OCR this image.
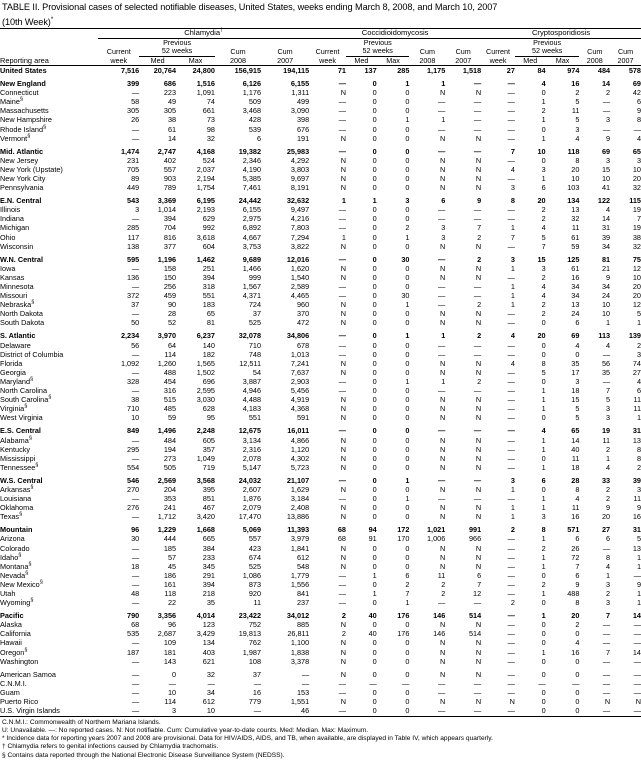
TABLE II. Provisional cases of selected notifiable diseases, United States, weeks ending March 8, 2008, and March 10, 2007
(10th Week)*
	Chlamydia†					Coccidioidomycosis					Cryptosporidiosis				
		Previous					Previous					Previous			
	Current	52 weeks		Cum	Cum	Current	52 weeks		Cum	Cum	Current	52 weeks		Cum	Cum
Reporting area	week	Med	Max	2008	2007	week	Med	Max	2008	2007	week	Med	Max	2008	2007
United States	7,516	20,764	24,800	156,915	194,115	71	137	285	1,175	1,518	27	84	974	484	578

New England	399	686	1,516	6,126	6,155	—	0	1	1	—	—	4	16	14	69
Connecticut	—	223	1,091	1,176	1,311	N	0	0	N	N	—	0	2	2	42
Maine§	58	49	74	509	499	—	0	0	—	—	—	1	5	—	6
Massachusetts	305	305	661	3,468	3,090	—	0	0	—	—	—	2	11	—	9
New Hampshire	26	38	73	428	398	—	0	1	1	—	—	1	5	3	8
Rhode Island§	—	61	98	539	676	—	0	0	—	—	—	0	3	—	—
Vermont§	—	14	32	6	191	N	0	0	N	N	—	1	4	9	4

Mid. Atlantic	1,474	2,747	4,168	19,382	25,983	—	0	0	—	—	7	10	118	69	65
New Jersey	231	402	524	2,346	4,292	N	0	0	N	N	—	0	8	3	3
New York (Upstate)	705	557	2,037	4,190	3,803	N	0	0	N	N	4	3	20	15	10
New York City	89	903	2,194	5,385	9,697	N	0	0	N	N	—	1	10	10	20
Pennsylvania	449	789	1,754	7,461	8,191	N	0	0	N	N	3	6	103	41	32

E.N. Central	543	3,369	6,195	24,442	32,632	1	1	3	6	9	8	20	134	122	115
Illinois	3	1,014	2,193	6,155	9,497	—	0	0	—	—	—	2	13	4	19
Indiana	—	394	629	2,975	4,216	—	0	0	—	—	—	2	32	14	7
Michigan	285	704	992	6,892	7,803	—	0	2	3	7	1	4	11	31	19
Ohio	117	816	3,618	4,667	7,294	1	0	1	3	2	7	5	61	39	38
Wisconsin	138	377	604	3,753	3,822	N	0	0	N	N	—	7	59	34	32

W.N. Central	595	1,196	1,462	9,689	12,016	—	0	30	—	2	3	15	125	81	75
Iowa	—	158	251	1,466	1,620	N	0	0	N	N	1	3	61	21	12
Kansas	136	150	394	999	1,540	N	0	0	N	N	—	2	16	9	10
Minnesota	—	256	318	1,567	2,589	—	0	0	—	—	1	4	34	34	20
Missouri	372	459	551	4,371	4,465	—	0	30	—	—	1	4	34	24	20
Nebraska§	37	90	183	724	960	N	0	1	—	2	1	2	13	10	12
North Dakota	—	28	65	37	370	N	0	0	N	N	—	2	24	10	5
South Dakota	50	52	81	525	472	N	0	0	N	N	—	0	6	1	1

S. Atlantic	2,234	3,970	6,237	32,078	34,806	—	0	1	1	2	4	20	69	113	139
Delaware	56	64	140	710	678	—	0	0	—	—	—	0	4	4	2
District of Columbia	—	114	182	748	1,013	—	0	0	—	—	—	0	0	—	3
Florida	1,092	1,260	1,565	12,511	7,241	N	0	0	N	N	4	8	35	56	74
Georgia	—	488	1,502	54	7,637	N	0	0	N	N	—	5	17	35	27
Maryland§	328	454	696	3,887	2,903	—	0	1	1	2	—	0	3	—	4
North Carolina	—	316	2,595	4,946	5,456	—	0	0	—	—	—	1	18	7	6
South Carolina§	38	515	3,030	4,488	4,919	N	0	0	N	N	—	1	15	5	11
Virginia§	710	485	628	4,183	4,368	N	0	0	N	N	—	1	5	3	11
West Virginia	10	59	95	551	591	N	0	0	N	N	—	0	5	3	1

E.S. Central	849	1,496	2,248	12,675	16,011	—	0	0	—	—	—	4	65	19	31
Alabama§	—	484	605	3,134	4,866	N	0	0	N	N	—	1	14	11	13
Kentucky	295	194	357	2,316	1,120	N	0	0	N	N	—	1	40	2	8
Mississippi	—	273	1,049	2,078	4,302	N	0	0	N	N	—	0	11	1	8
Tennessee§	554	505	719	5,147	5,723	N	0	0	N	N	—	1	18	4	2

W.S. Central	546	2,569	3,568	24,032	21,107	—	0	1	—	—	3	6	28	33	39
Arkansas§	270	204	395	2,607	1,629	N	0	0	N	N	1	0	8	2	3
Louisiana	—	353	851	1,876	3,184	—	0	1	—	—	—	1	4	2	11
Oklahoma	276	241	467	2,079	2,408	N	0	0	N	N	1	1	11	9	9
Texas§	—	1,712	3,420	17,470	13,886	N	0	0	N	N	1	3	16	20	16

Mountain	96	1,229	1,668	5,069	11,393	68	94	172	1,021	991	2	8	571	27	31
Arizona	30	444	665	557	3,979	68	91	170	1,006	966	—	1	6	6	5
Colorado	—	185	384	423	1,841	N	0	0	N	N	—	2	26	—	13
Idaho§	—	57	233	674	612	N	0	0	N	N	—	1	72	8	1
Montana§	18	45	345	525	548	N	0	0	N	N	—	1	7	4	1
Nevada§	—	186	291	1,086	1,779	—	1	6	11	6	—	0	6	1	—
New Mexico§	—	161	394	873	1,556	—	0	2	2	7	—	2	9	3	9
Utah	48	118	218	920	841	—	1	7	2	12	—	1	488	2	1
Wyoming§	—	22	35	11	237	—	0	1	—	—	2	0	8	3	1

Pacific	790	3,356	4,014	23,422	34,012	2	40	176	146	514	—	1	20	7	14
Alaska	68	96	123	752	885	N	0	0	N	N	—	0	2	—	—
California	535	2,687	3,429	19,813	26,811	2	40	176	146	514	—	0	0	—	—
Hawaii	—	109	134	762	1,100	N	0	0	N	N	—	0	4	—	—
Oregon§	187	181	403	1,987	1,838	N	0	0	N	N	—	1	16	7	14
Washington	—	143	621	108	3,378	N	0	0	N	N	—	0	0	—	—

American Samoa	—	0	32	37	—	N	0	0	N	N	—	0	0	—	—
C.N.M.I.	—	—	—	—	—	—	—	—	—	—	—	—	—	—	—
Guam	—	10	34	16	153	—	0	0	—	—	—	0	0	—	—
Puerto Rico	—	114	612	779	1,551	N	0	0	N	N	N	0	0	N	N
U.S. Virgin Islands	—	3	10	—	46	—	0	0	—	—	—	0	0	—	—
C.N.M.I.: Commonwealth of Northern Mariana Islands.
U: Unavailable. —: No reported cases. N: Not notifiable. Cum: Cumulative year-to-date counts. Med: Median. Max: Maximum.
* Incidence data for reporting years 2007 and 2008 are provisional. Data for HIV/AIDS, AIDS, and TB, when available, are displayed in Table IV, which appears quarterly.
† Chlamydia refers to genital infections caused by Chlamydia trachomatis.
§ Contains data reported through the National Electronic Disease Surveillance System (NEDSS).
